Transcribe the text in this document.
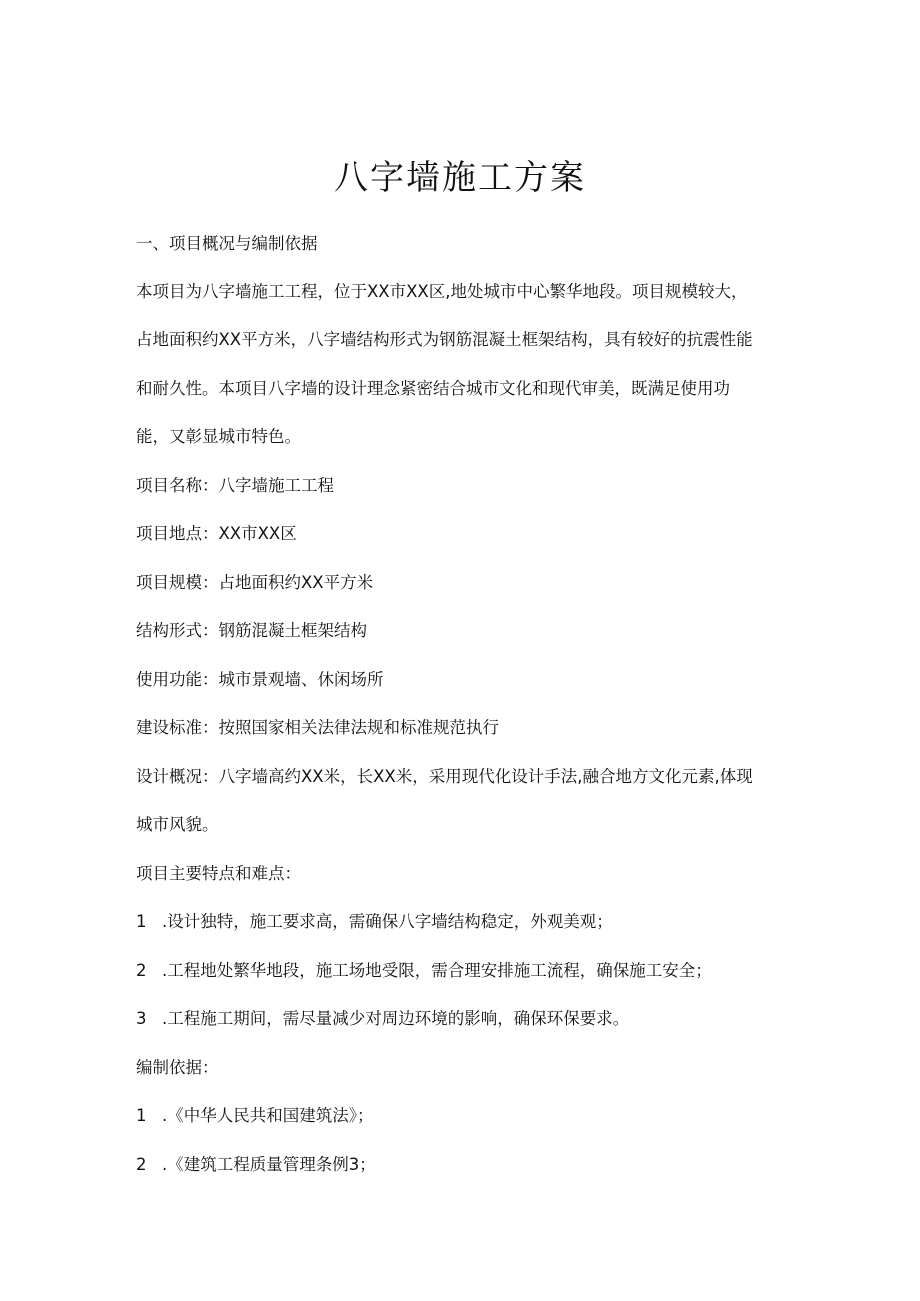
八字墙施工方案
一、项目概况与编制依据
本项目为八字墙施工工程，位于XX市XX区,地处城市中心繁华地段。项目规模较大，
占地面积约XX平方米，八字墙结构形式为钢筋混凝土框架结构，具有较好的抗震性能
和耐久性。本项目八字墙的设计理念紧密结合城市文化和现代审美，既满足使用功
能，又彰显城市特色。
项目名称：八字墙施工工程
项目地点：XX市XX区
项目规模：占地面积约XX平方米
结构形式：钢筋混凝土框架结构
使用功能：城市景观墙、休闲场所
建设标准：按照国家相关法律法规和标准规范执行
设计概况：八字墙高约XX米，长XX米，采用现代化设计手法,融合地方文化元素,体现
城市风貌。
项目主要特点和难点：
1 .设计独特，施工要求高，需确保八字墙结构稳定，外观美观；
2 .工程地处繁华地段，施工场地受限，需合理安排施工流程，确保施工安全；
3 .工程施工期间，需尽量减少对周边环境的影响，确保环保要求。
编制依据：
1 .《中华人民共和国建筑法》；
2 .《建筑工程质量管理条例3；
